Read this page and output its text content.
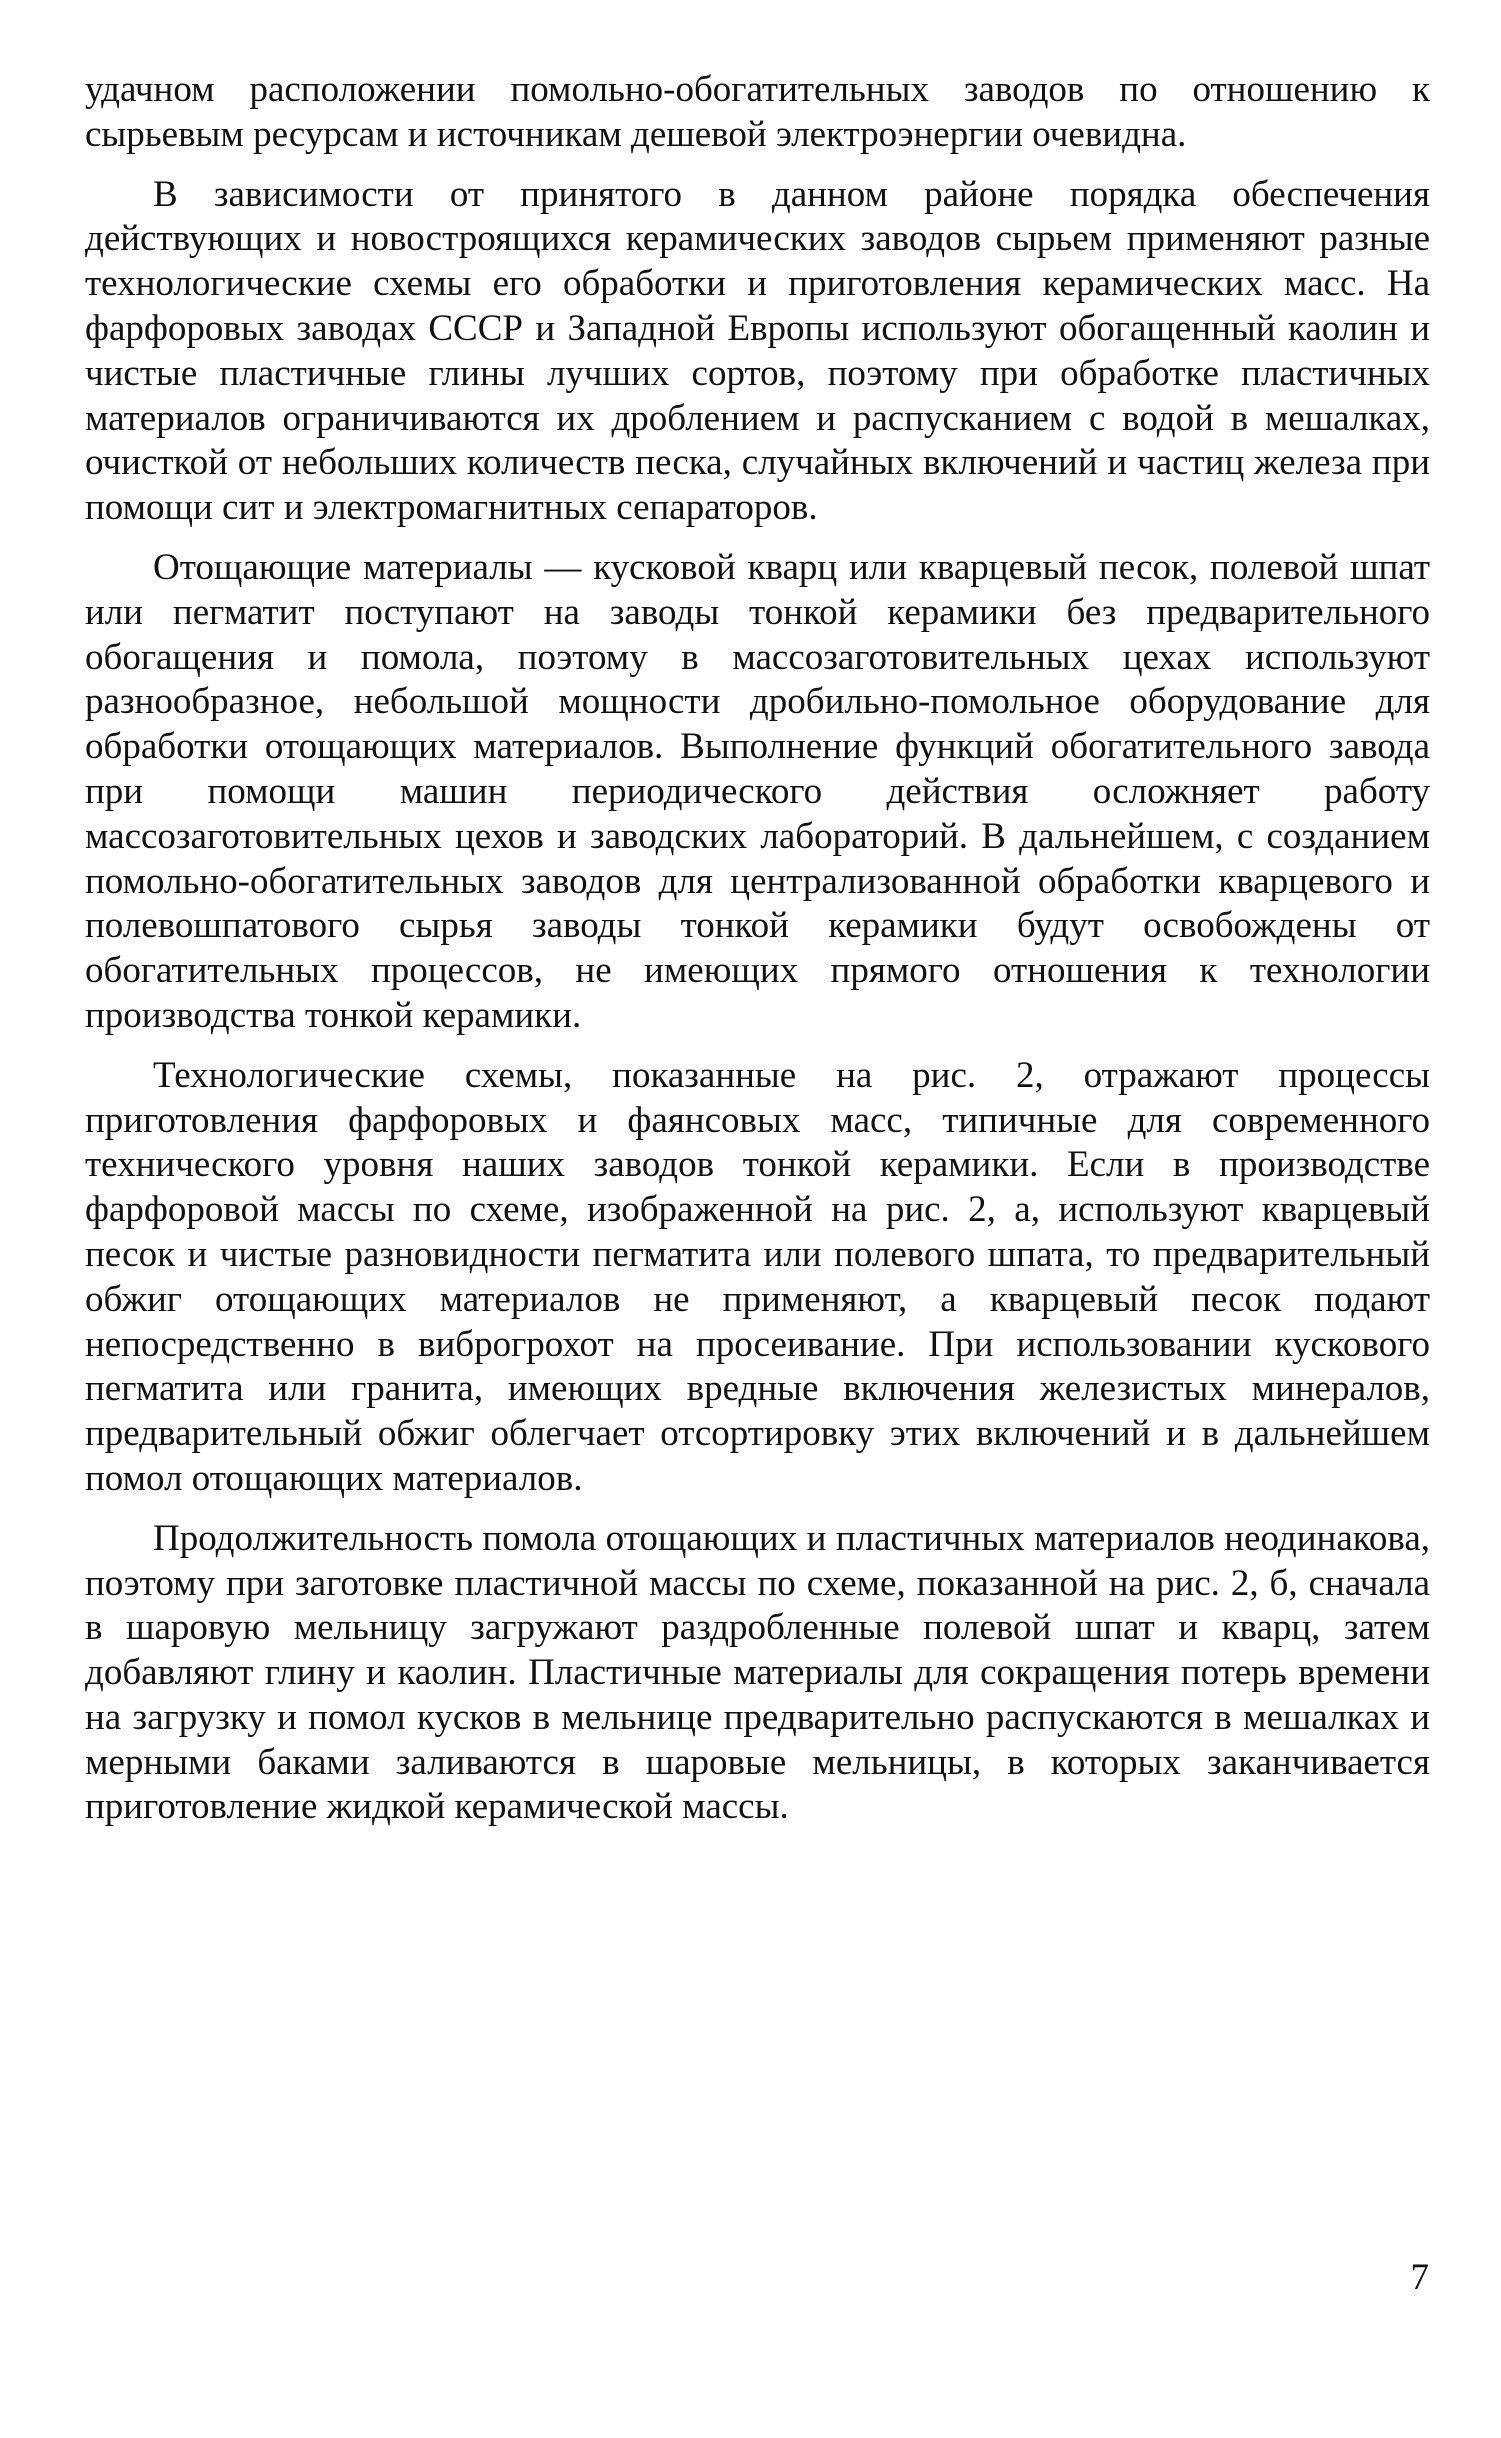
удачном расположении помольно-обогатительных заводов по отношению к сырьевым ресурсам и источникам дешевой электроэнергии очевидна.

В зависимости от принятого в данном районе порядка обеспечения действующих и новостроящихся керамических заводов сырьем применяют разные технологические схемы его обработки и приготовления керамических масс. На фарфоровых заводах СССР и Западной Европы используют обогащенный каолин и чистые пластичные глины лучших сортов, поэтому при обработке пластичных материалов ограничиваются их дроблением и распусканием с водой в мешалках, очисткой от небольших количеств песка, случайных включений и частиц железа при помощи сит и электромагнитных сепараторов.

Отощающие материалы — кусковой кварц или кварцевый песок, полевой шпат или пегматит поступают на заводы тонкой керамики без предварительного обогащения и помола, поэтому в массозаготовительных цехах используют разнообразное, небольшой мощности дробильно-помольное оборудование для обработки отощающих материалов. Выполнение функций обогатительного завода при помощи машин периодического действия осложняет работу массозаготовительных цехов и заводских лабораторий. В дальнейшем, с созданием помольно-обогатительных заводов для централизованной обработки кварцевого и полевошпатового сырья заводы тонкой керамики будут освобождены от обогатительных процессов, не имеющих прямого отношения к технологии производства тонкой керамики.

Технологические схемы, показанные на рис. 2, отражают процессы приготовления фарфоровых и фаянсовых масс, типичные для современного технического уровня наших заводов тонкой керамики. Если в производстве фарфоровой массы по схеме, изображенной на рис. 2, а, используют кварцевый песок и чистые разновидности пегматита или полевого шпата, то предварительный обжиг отощающих материалов не применяют, а кварцевый песок подают непосредственно в виброгрохот на просеивание. При использовании кускового пегматита или гранита, имеющих вредные включения железистых минералов, предварительный обжиг облегчает отсортировку этих включений и в дальнейшем помол отощающих материалов.

Продолжительность помола отощающих и пластичных материалов неодинакова, поэтому при заготовке пластичной массы по схеме, показанной на рис. 2, б, сначала в шаровую мельницу загружают раздробленные полевой шпат и кварц, затем добавляют глину и каолин. Пластичные материалы для сокращения потерь времени на загрузку и помол кусков в мельнице предварительно распускаются в мешалках и мерными баками заливаются в шаровые мельницы, в которых заканчивается приготовление жидкой керамической массы.

7
